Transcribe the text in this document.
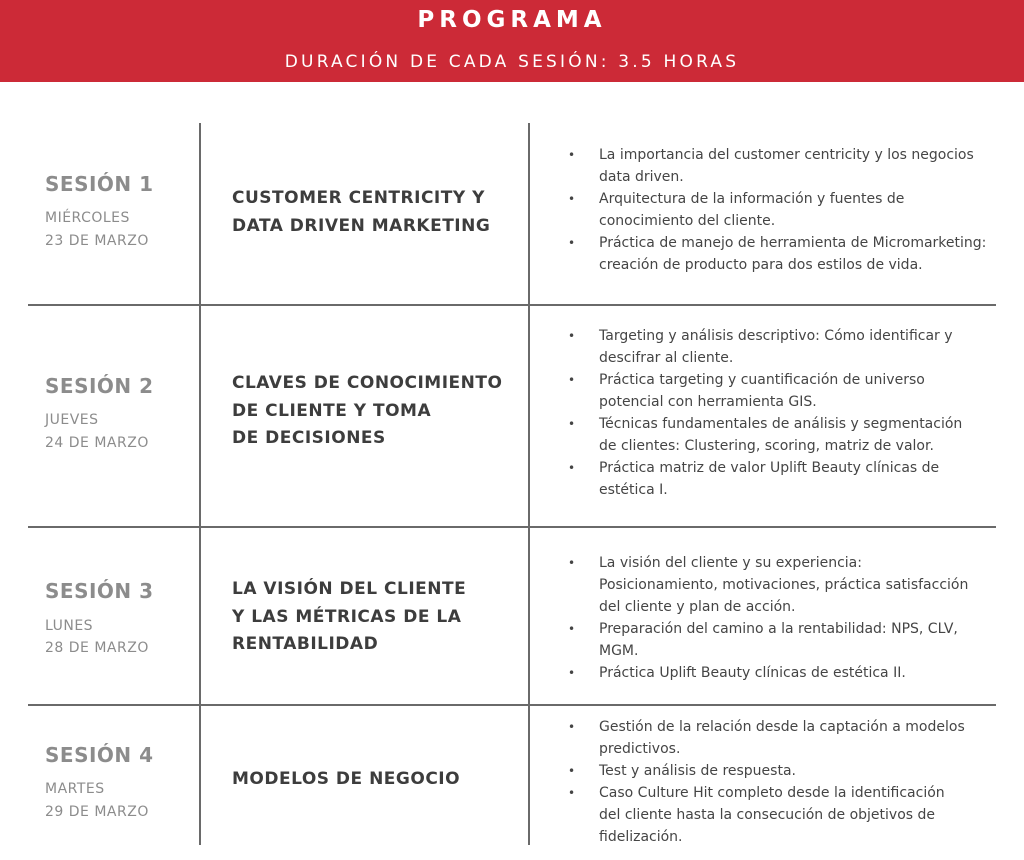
PROGRAMA
DURACIÓN DE CADA SESIÓN: 3.5 HORAS
SESIÓN 1
MIÉRCOLES
23 DE MARZO
CUSTOMER CENTRICITY Y
DATA DRIVEN MARKETING
• La importancia del customer centricity y los negocios
data driven.
• Arquitectura de la información y fuentes de
conocimiento del cliente.
• Práctica de manejo de herramienta de Micromarketing:
creación de producto para dos estilos de vida.
SESIÓN 2
JUEVES
24 DE MARZO
CLAVES DE CONOCIMIENTO
DE CLIENTE Y TOMA
DE DECISIONES
• Targeting y análisis descriptivo: Cómo identificar y
descifrar al cliente.
• Práctica targeting y cuantificación de universo
potencial con herramienta GIS.
• Técnicas fundamentales de análisis y segmentación
de clientes: Clustering, scoring, matriz de valor.
• Práctica matriz de valor Uplift Beauty clínicas de
estética I.
SESIÓN 3
LUNES
28 DE MARZO
LA VISIÓN DEL CLIENTE
Y LAS MÉTRICAS DE LA
RENTABILIDAD
• La visión del cliente y su experiencia:
Posicionamiento, motivaciones, práctica satisfacción
del cliente y plan de acción.
• Preparación del camino a la rentabilidad: NPS, CLV,
MGM.
• Práctica Uplift Beauty clínicas de estética II.
SESIÓN 4
MARTES
29 DE MARZO
MODELOS DE NEGOCIO
• Gestión de la relación desde la captación a modelos
predictivos.
• Test y análisis de respuesta.
• Caso Culture Hit completo desde la identificación
del cliente hasta la consecución de objetivos de
fidelización.
